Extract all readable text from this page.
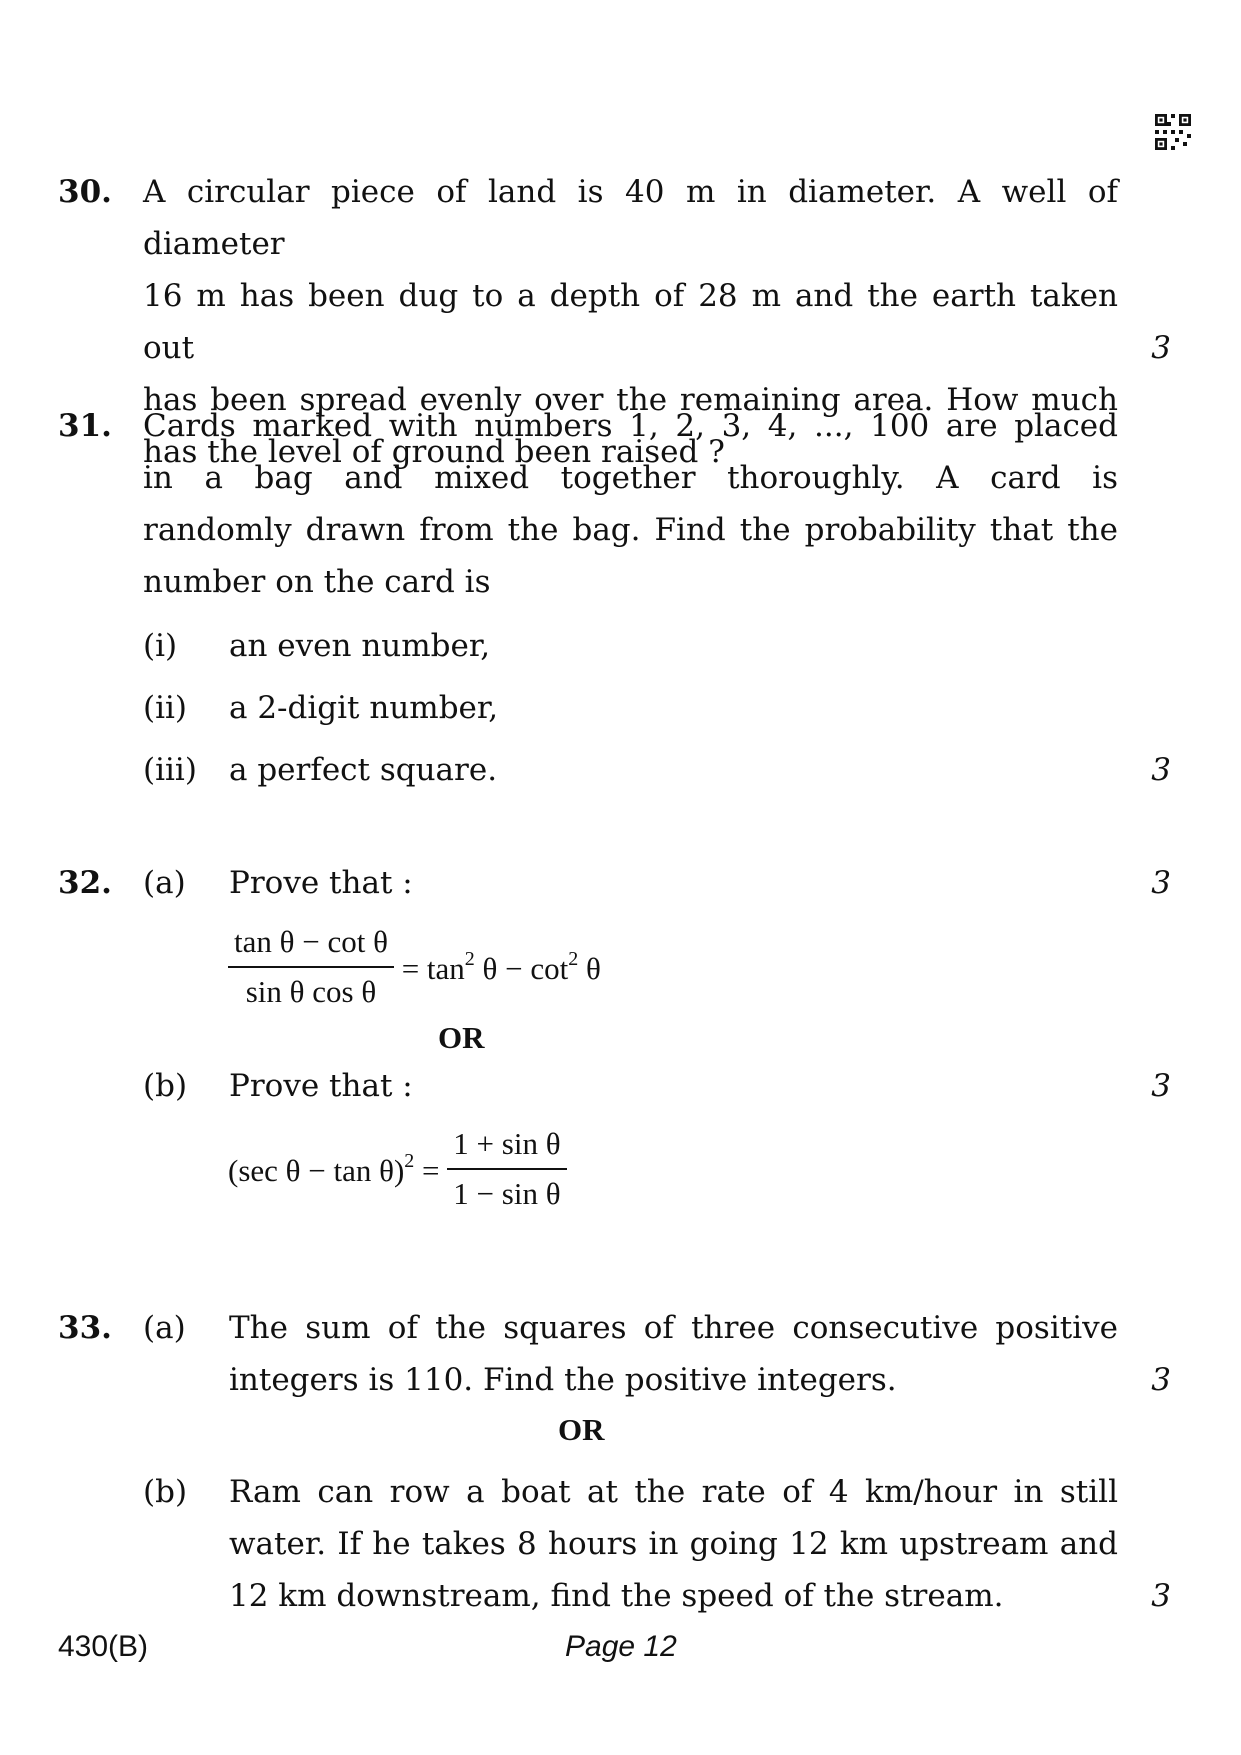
30. A circular piece of land is 40 m in diameter. A well of diameter
16 m has been dug to a depth of 28 m and the earth taken out
has been spread evenly over the remaining area. How much
has the level of ground been raised ?
3
31. Cards marked with numbers 1, 2, 3, 4, ..., 100 are placed
in a bag and mixed together thoroughly. A card is
randomly drawn from the bag. Find the probability that the
number on the card is
(i) an even number,
(ii) a 2-digit number,
(iii) a perfect square.	3
32. (a) Prove that :	3
$\frac{\text{tan θ − cot θ}}{\text{sin θ cos θ}} = \tan^2 \theta - \cot^2 \theta$
OR
(b) Prove that :	3
(sec $\theta - \tan \theta)^2 = \frac{\text{1 + sin θ}}{\text{1 − sin θ}}$
33. (a) The sum of the squares of three consecutive positive
integers is 110. Find the positive integers.	3
OR
(b) Ram can row a boat at the rate of 4 km/hour in still
water. If he takes 8 hours in going 12 km upstream and
12 km downstream, find the speed of the stream.	3
430(B)	Page 12
